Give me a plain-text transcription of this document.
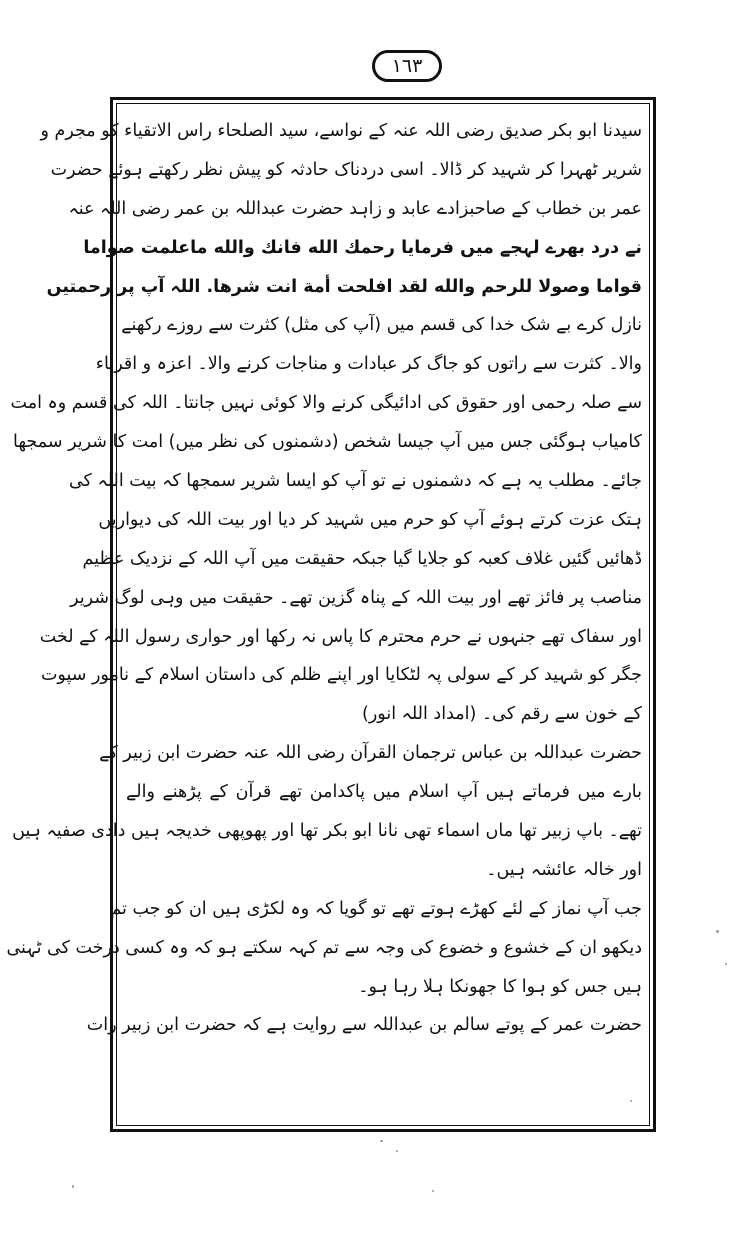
١٦٣
سیدنا ابو بکر صدیق رضی اللہ عنہ کے نواسے، سید الصلحاء راس الاتقیاء کو مجرم و
شریر ٹھہرا کر شہید کر ڈالا۔ اسی دردناک حادثہ کو پیش نظر رکھتے ہوئے حضرت
عمر بن خطاب کے صاحبزادے عابد و زاہد حضرت عبداللہ بن عمر رضی اللہ عنہ
نے درد بھرے لہجے میں فرمایا رحمك الله فانك والله ماعلمت صواما
قواما وصولا للرحم والله لقد افلحت أمة انت شرها. اللہ آپ پر رحمتیں
نازل کرے بے شک خدا کی قسم میں (آپ کی مثل) کثرت سے روزے رکھنے
والا۔ کثرت سے راتوں کو جاگ کر عبادات و مناجات کرنے والا۔ اعزہ و اقرباء
سے صلہ رحمی اور حقوق کی ادائیگی کرنے والا کوئی نہیں جانتا۔ اللہ کی قسم وہ امت
کامیاب ہوگئی جس میں آپ جیسا شخص (دشمنوں کی نظر میں) امت کا شریر سمجھا
جائے۔ مطلب یہ ہے کہ دشمنوں نے تو آپ کو ایسا شریر سمجھا کہ بیت اللہ کی
ہتک عزت کرتے ہوئے آپ کو حرم میں شہید کر دیا اور بیت اللہ کی دیواریں
ڈھائیں گئیں غلاف کعبہ کو جلایا گیا جبکہ حقیقت میں آپ اللہ کے نزدیک عظیم
مناصب پر فائز تھے اور بیت اللہ کے پناہ گزین تھے۔ حقیقت میں وہی لوگ شریر
اور سفاک تھے جنہوں نے حرم محترم کا پاس نہ رکھا اور حواری رسول اللہ کے لخت
جگر کو شہید کر کے سولی پہ لٹکایا اور اپنے ظلم کی داستان اسلام کے نامور سپوت
کے خون سے رقم کی۔ (امداد اللہ انور)
حضرت عبداللہ بن عباس ترجمان القرآن رضی اللہ عنہ حضرت ابن زبیر کے
بارے میں فرماتے ہیں آپ اسلام میں پاکدامن تھے قرآن کے پڑھنے والے
تھے۔ باپ زبیر تھا ماں اسماء تھی نانا ابو بکر تھا اور پھوپھی خدیجہ ہیں دادی صفیہ ہیں
اور خالہ عائشہ ہیں۔
جب آپ نماز کے لئے کھڑے ہوتے تھے تو گویا کہ وہ لکڑی ہیں ان کو جب تم
دیکھو ان کے خشوع و خضوع کی وجہ سے تم کہہ سکتے ہو کہ وہ کسی درخت کی ٹہنی
ہیں جس کو ہوا کا جھونکا ہلا رہا ہو۔
حضرت عمر کے پوتے سالم بن عبداللہ سے روایت ہے کہ حضرت ابن زبیر رات
